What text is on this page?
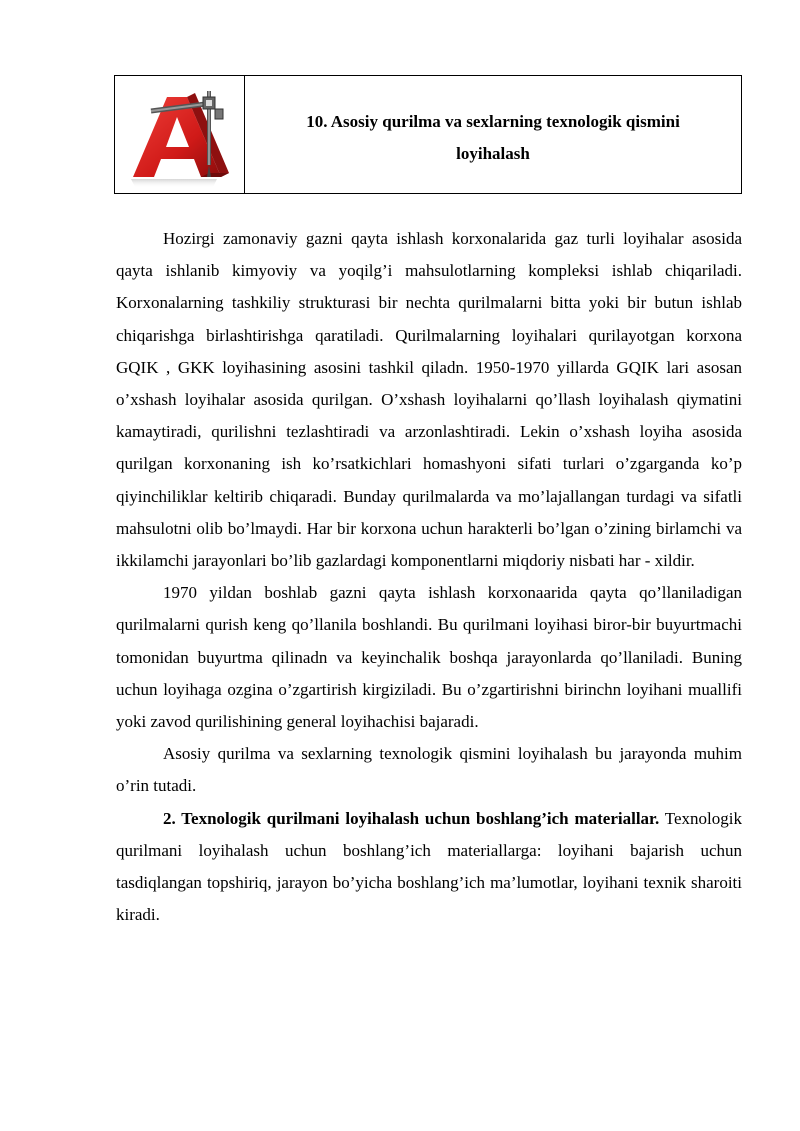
10. Asosiy qurilma va sexlarning texnologik qismini
loyihalash

Hozirgi zamonaviy gazni qayta ishlash korxonalarida gaz turli loyihalar asosida qayta ishlanib kimyoviy va yoqilg’i mahsulotlarning kompleksi ishlab chiqariladi. Korxonalarning tashkiliy strukturasi bir nechta qurilmalarni bitta yoki bir butun ishlab chiqarishga birlashtirishga qaratiladi. Qurilmalarning loyihalari qurilayotgan korxona GQIK , GKK loyihasining asosini tashkil qiladn. 1950-1970 yillarda GQIK lari asosan o’xshash loyihalar asosida qurilgan. O’xshash loyihalarni qo’llash loyihalash qiymatini kamaytiradi, qurilishni tezlashtiradi va arzonlashtiradi. Lekin o’xshash loyiha asosida qurilgan korxonaning ish ko’rsatkichlari homashyoni sifati turlari o’zgarganda ko’p qiyinchiliklar keltirib chiqaradi. Bunday qurilmalarda va mo’lajallangan turdagi va sifatli mahsulotni olib bo’lmaydi. Har bir korxona uchun harakterli bo’lgan o’zining birlamchi va ikkilamchi jarayonlari bo’lib gazlardagi komponentlarni miqdoriy nisbati har - xildir.

1970 yildan boshlab gazni qayta ishlash korxonaarida qayta qo’llaniladigan qurilmalarni qurish keng qo’llanila boshlandi. Bu qurilmani loyihasi biror-bir buyurtmachi tomonidan buyurtma qilinadn va keyinchalik boshqa jarayonlarda qo’llaniladi. Buning uchun loyihaga ozgina o’zgartirish kirgiziladi. Bu o’zgartirishni birinchn loyihani muallifi yoki zavod qurilishining general loyihachisi bajaradi.

Asosiy qurilma va sexlarning texnologik qismini loyihalash bu jarayonda muhim o’rin tutadi.

2. Texnologik qurilmani loyihalash uchun boshlang’ich materiallar. Texnologik qurilmani loyihalash uchun boshlang’ich materiallarga: loyihani bajarish uchun tasdiqlangan topshiriq, jarayon bo’yicha boshlang’ich ma’lumotlar, loyihani texnik sharoiti kiradi.
